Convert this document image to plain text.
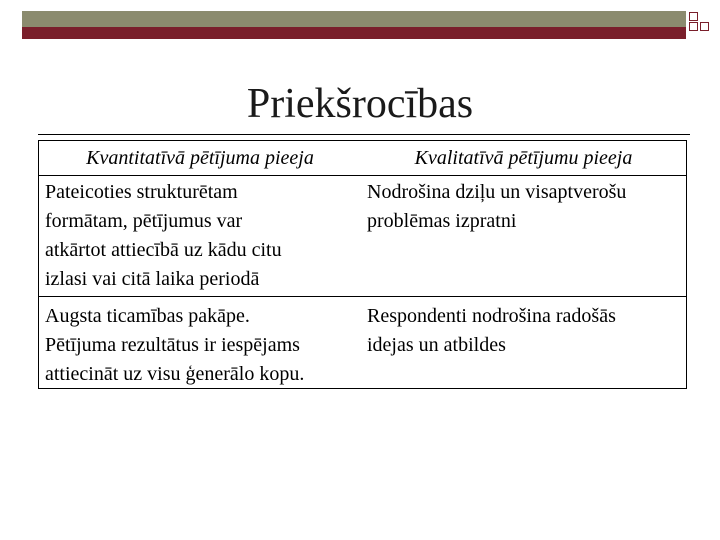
Priekšrocības
Kvantitatīvā pētījuma pieeja	Kvalitatīvā pētījumu pieeja
Pateicoties strukturētam
formātam, pētījumus var
atkārtot attiecībā uz kādu citu
izlasi vai citā laika periodā
Nodrošina dziļu un visaptverošu
problēmas izpratni
Augsta ticamības pakāpe.
Pētījuma rezultātus ir iespējams
attiecināt uz visu ģenerālo kopu.
Respondenti nodrošina radošās
idejas un atbildes
